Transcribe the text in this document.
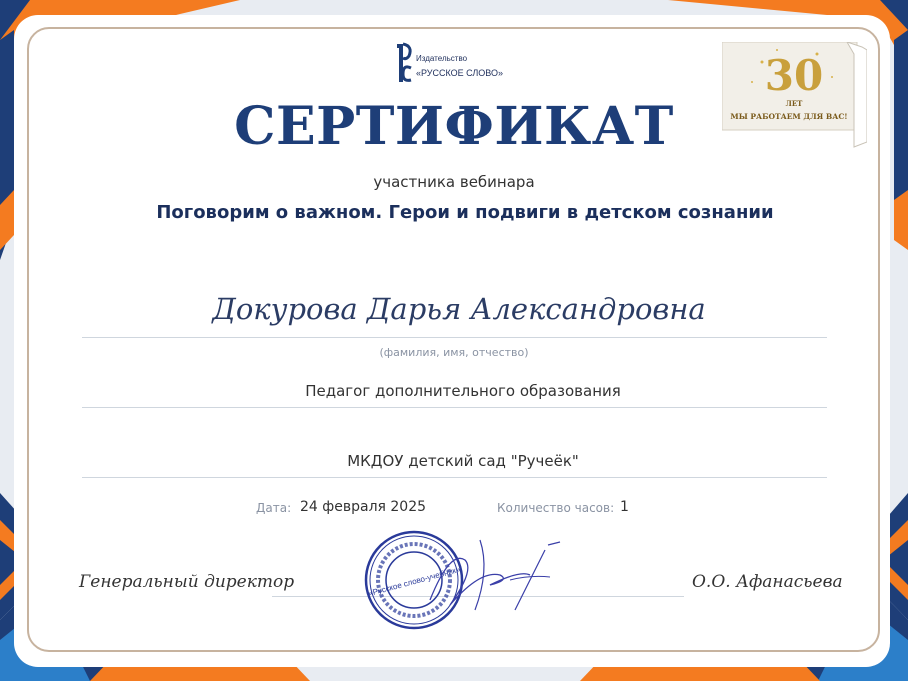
Издательство
«РУССКОЕ СЛОВО»	30
ЛЕТ
МЫ РАБОТАЕМ ДЛЯ ВАС!
СЕРТИФИКАТ
участника вебинара
Поговорим о важном. Герои и подвиги в детском сознании
Докурова Дарья Александровна
(фамилия, имя, отчество)
Педагог дополнительного образования
МКДОУ детский сад "Ручеёк"
Дата: 24 февраля 2025	Количество часов: 1
Генеральный директор	О.О. Афанасьева
«Русское слово-учебник»
